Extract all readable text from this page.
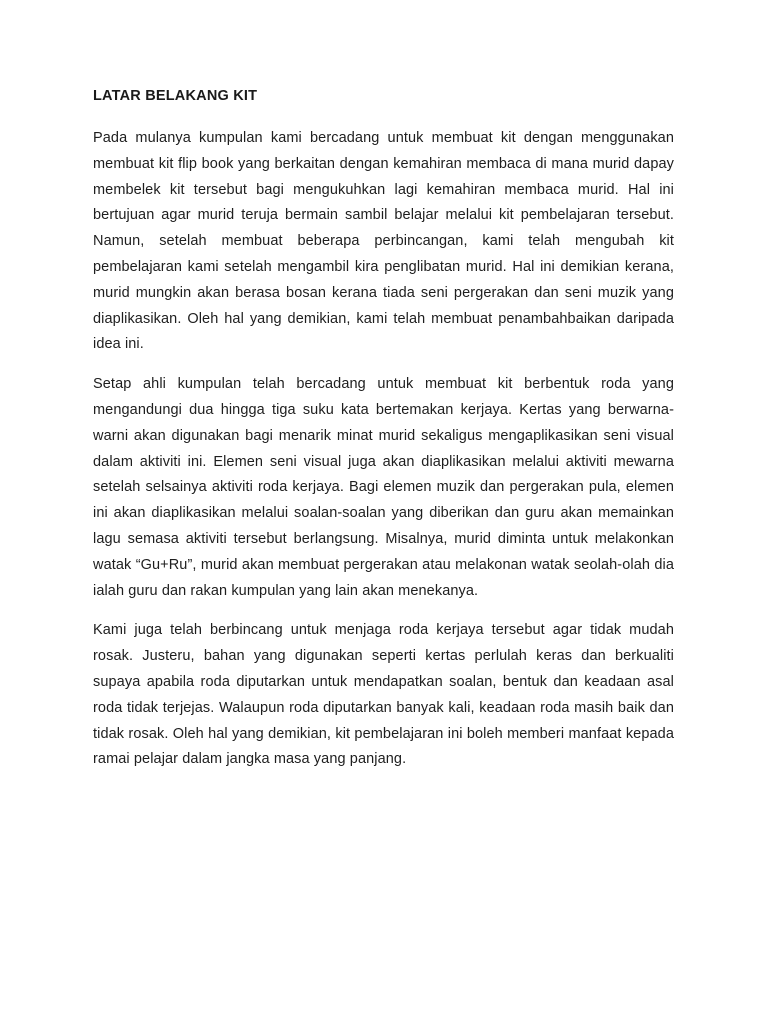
LATAR BELAKANG KIT

Pada mulanya kumpulan kami bercadang untuk membuat kit dengan menggunakan membuat kit flip book yang berkaitan dengan kemahiran membaca di mana murid dapay membelek kit tersebut bagi mengukuhkan lagi kemahiran membaca murid. Hal ini bertujuan agar murid teruja bermain sambil belajar melalui kit pembelajaran tersebut. Namun, setelah membuat beberapa perbincangan, kami telah mengubah kit pembelajaran kami setelah mengambil kira penglibatan murid. Hal ini demikian kerana, murid mungkin akan berasa bosan kerana tiada seni pergerakan dan seni muzik yang diaplikasikan. Oleh hal yang demikian, kami telah membuat penambahbaikan daripada idea ini.

Setap ahli kumpulan telah bercadang untuk membuat kit berbentuk roda yang mengandungi dua hingga tiga suku kata bertemakan kerjaya. Kertas yang berwarna-warni akan digunakan bagi menarik minat murid sekaligus mengaplikasikan seni visual dalam aktiviti ini. Elemen seni visual juga akan diaplikasikan melalui aktiviti mewarna setelah selsainya aktiviti roda kerjaya. Bagi elemen muzik dan pergerakan pula, elemen ini akan diaplikasikan melalui soalan-soalan yang diberikan dan guru akan memainkan lagu semasa aktiviti tersebut berlangsung. Misalnya, murid diminta untuk melakonkan watak “Gu+Ru”, murid akan membuat pergerakan atau melakonan watak seolah-olah dia ialah guru dan rakan kumpulan yang lain akan menekanya.

Kami juga telah berbincang untuk menjaga roda kerjaya tersebut agar tidak mudah rosak. Justeru, bahan yang digunakan seperti kertas perlulah keras dan berkualiti supaya apabila roda diputarkan untuk mendapatkan soalan, bentuk dan keadaan asal roda tidak terjejas. Walaupun roda diputarkan banyak kali, keadaan roda masih baik dan tidak rosak. Oleh hal yang demikian, kit pembelajaran ini boleh memberi manfaat kepada ramai pelajar dalam jangka masa yang panjang.
